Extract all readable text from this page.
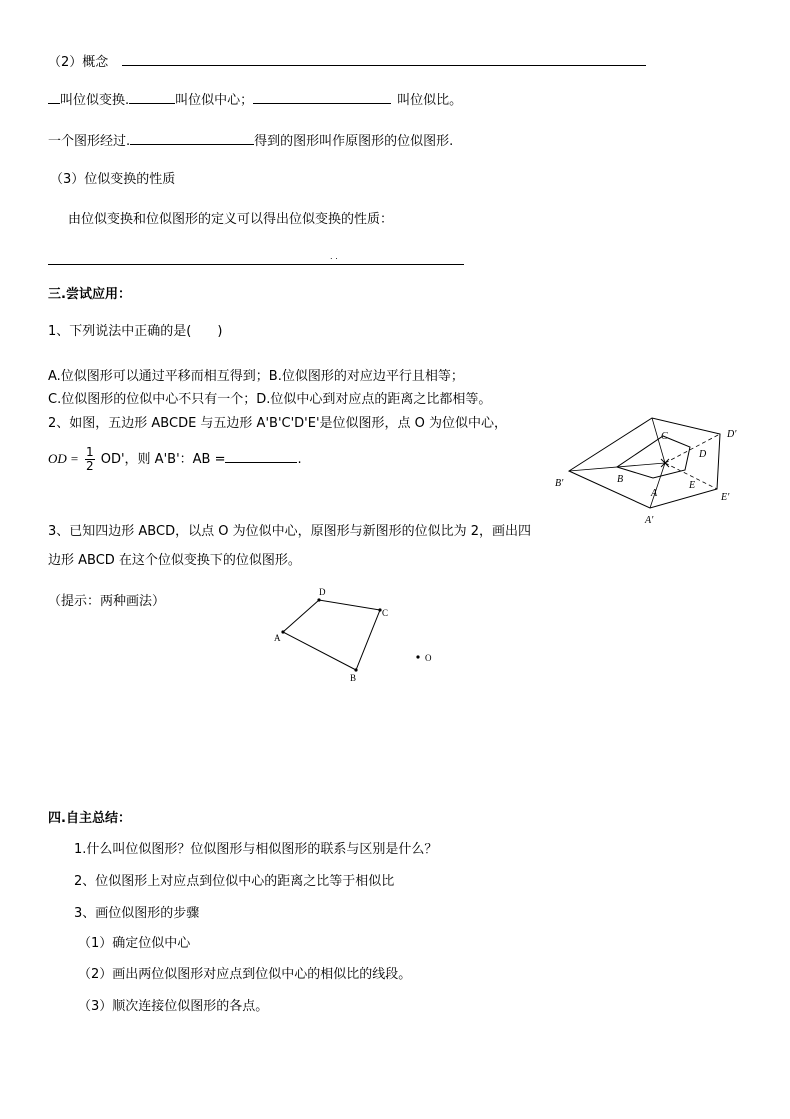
（2）概念
叫位似变换.	叫位似中心；	叫位似比。
一个图形经过.	得到的图形叫作原图形的位似图形.
（3）位似变换的性质
由位似变换和位似图形的定义可以得出位似变换的性质：
. .
三.尝试应用：
1、下列说法中正确的是(　　)
A.位似图形可以通过平移而相互得到；B.位似图形的对应边平行且相等；
C.位似图形的位似中心不只有一个；D.位似中心到对应点的距离之比都相等。
2、如图，五边形 ABCDE 与五边形 A'B'C'D'E'是位似图形，点 O 为位似中心，
OD = $\frac{1}{2} OD'$，则 A'B'：AB =	.
C
D
E
B
A
D'
E'
B'
A'
3、已知四边形 ABCD，以点 O 为位似中心，原图形与新图形的位似比为 2，画出四
边形 ABCD 在这个位似变换下的位似图形。
（提示：两种画法）
A
D
C
B
O
四.自主总结：
1.什么叫位似图形？位似图形与相似图形的联系与区别是什么？
2、位似图形上对应点到位似中心的距离之比等于相似比
3、画位似图形的步骤
（1）确定位似中心
（2）画出两位似图形对应点到位似中心的相似比的线段。
（3）顺次连接位似图形的各点。
